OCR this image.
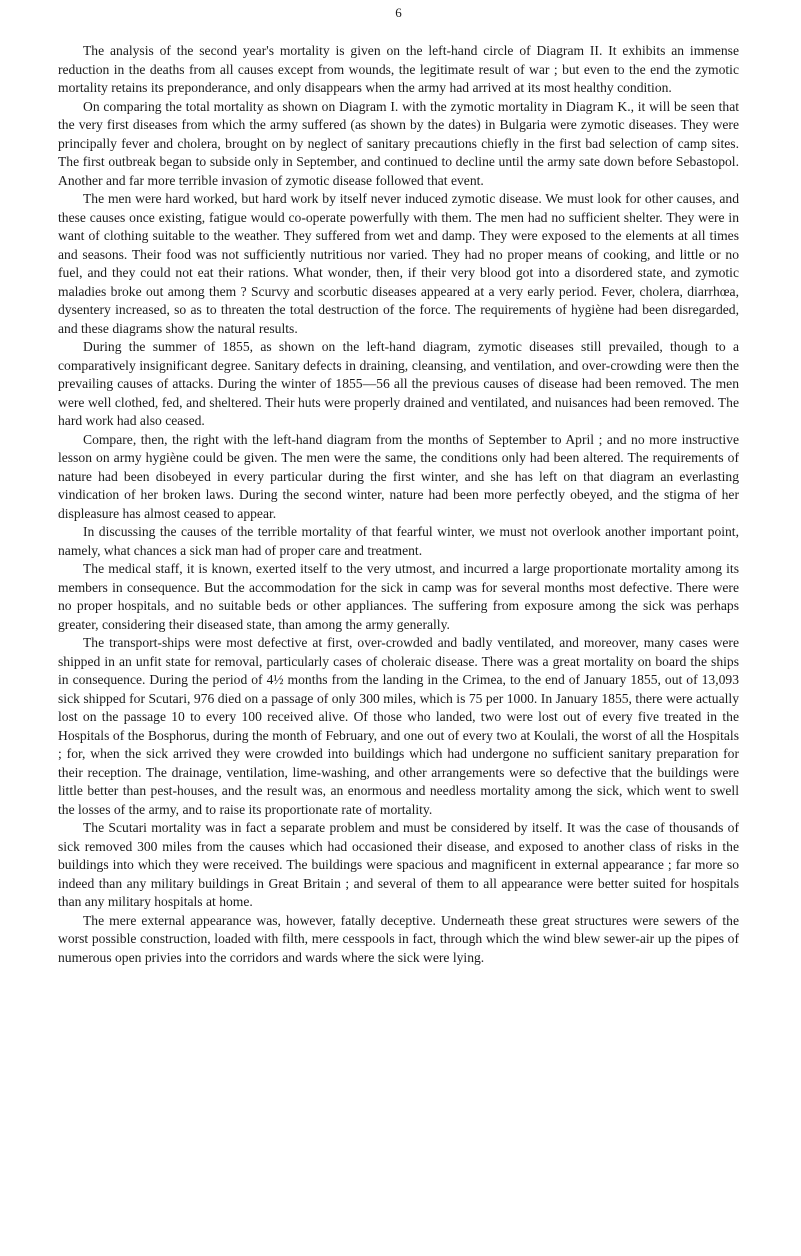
6

The analysis of the second year's mortality is given on the left-hand circle of Diagram II. It exhibits an immense reduction in the deaths from all causes except from wounds, the legitimate result of war ; but even to the end the zymotic mortality retains its preponderance, and only disappears when the army had arrived at its most healthy condition.

On comparing the total mortality as shown on Diagram I. with the zymotic mortality in Diagram K., it will be seen that the very first diseases from which the army suffered (as shown by the dates) in Bulgaria were zymotic diseases. They were principally fever and cholera, brought on by neglect of sanitary precautions chiefly in the first bad selection of camp sites. The first outbreak began to subside only in September, and continued to decline until the army sate down before Sebastopol. Another and far more terrible invasion of zymotic disease followed that event.

The men were hard worked, but hard work by itself never induced zymotic disease. We must look for other causes, and these causes once existing, fatigue would co-operate powerfully with them. The men had no sufficient shelter. They were in want of clothing suitable to the weather. They suffered from wet and damp. They were exposed to the elements at all times and seasons. Their food was not sufficiently nutritious nor varied. They had no proper means of cooking, and little or no fuel, and they could not eat their rations. What wonder, then, if their very blood got into a disordered state, and zymotic maladies broke out among them ? Scurvy and scorbutic diseases appeared at a very early period. Fever, cholera, diarrhœa, dysentery increased, so as to threaten the total destruction of the force. The requirements of hygiène had been disregarded, and these diagrams show the natural results.

During the summer of 1855, as shown on the left-hand diagram, zymotic diseases still prevailed, though to a comparatively insignificant degree. Sanitary defects in draining, cleansing, and ventilation, and over-crowding were then the prevailing causes of attacks. During the winter of 1855—56 all the previous causes of disease had been removed. The men were well clothed, fed, and sheltered. Their huts were properly drained and ventilated, and nuisances had been removed. The hard work had also ceased.

Compare, then, the right with the left-hand diagram from the months of September to April ; and no more instructive lesson on army hygiène could be given. The men were the same, the conditions only had been altered. The requirements of nature had been disobeyed in every particular during the first winter, and she has left on that diagram an everlasting vindication of her broken laws. During the second winter, nature had been more perfectly obeyed, and the stigma of her displeasure has almost ceased to appear.

In discussing the causes of the terrible mortality of that fearful winter, we must not overlook another important point, namely, what chances a sick man had of proper care and treatment.

The medical staff, it is known, exerted itself to the very utmost, and incurred a large proportionate mortality among its members in consequence. But the accommodation for the sick in camp was for several months most defective. There were no proper hospitals, and no suitable beds or other appliances. The suffering from exposure among the sick was perhaps greater, considering their diseased state, than among the army generally.

The transport-ships were most defective at first, over-crowded and badly ventilated, and moreover, many cases were shipped in an unfit state for removal, particularly cases of choleraic disease. There was a great mortality on board the ships in consequence. During the period of 4½ months from the landing in the Crimea, to the end of January 1855, out of 13,093 sick shipped for Scutari, 976 died on a passage of only 300 miles, which is 75 per 1000. In January 1855, there were actually lost on the passage 10 to every 100 received alive. Of those who landed, two were lost out of every five treated in the Hospitals of the Bosphorus, during the month of February, and one out of every two at Koulali, the worst of all the Hospitals ; for, when the sick arrived they were crowded into buildings which had undergone no sufficient sanitary preparation for their reception. The drainage, ventilation, lime-washing, and other arrangements were so defective that the buildings were little better than pest-houses, and the result was, an enormous and needless mortality among the sick, which went to swell the losses of the army, and to raise its proportionate rate of mortality.

The Scutari mortality was in fact a separate problem and must be considered by itself. It was the case of thousands of sick removed 300 miles from the causes which had occasioned their disease, and exposed to another class of risks in the buildings into which they were received. The buildings were spacious and magnificent in external appearance ; far more so indeed than any military buildings in Great Britain ; and several of them to all appearance were better suited for hospitals than any military hospitals at home.

The mere external appearance was, however, fatally deceptive. Underneath these great structures were sewers of the worst possible construction, loaded with filth, mere cesspools in fact, through which the wind blew sewer-air up the pipes of numerous open privies into the corridors and wards where the sick were lying.
